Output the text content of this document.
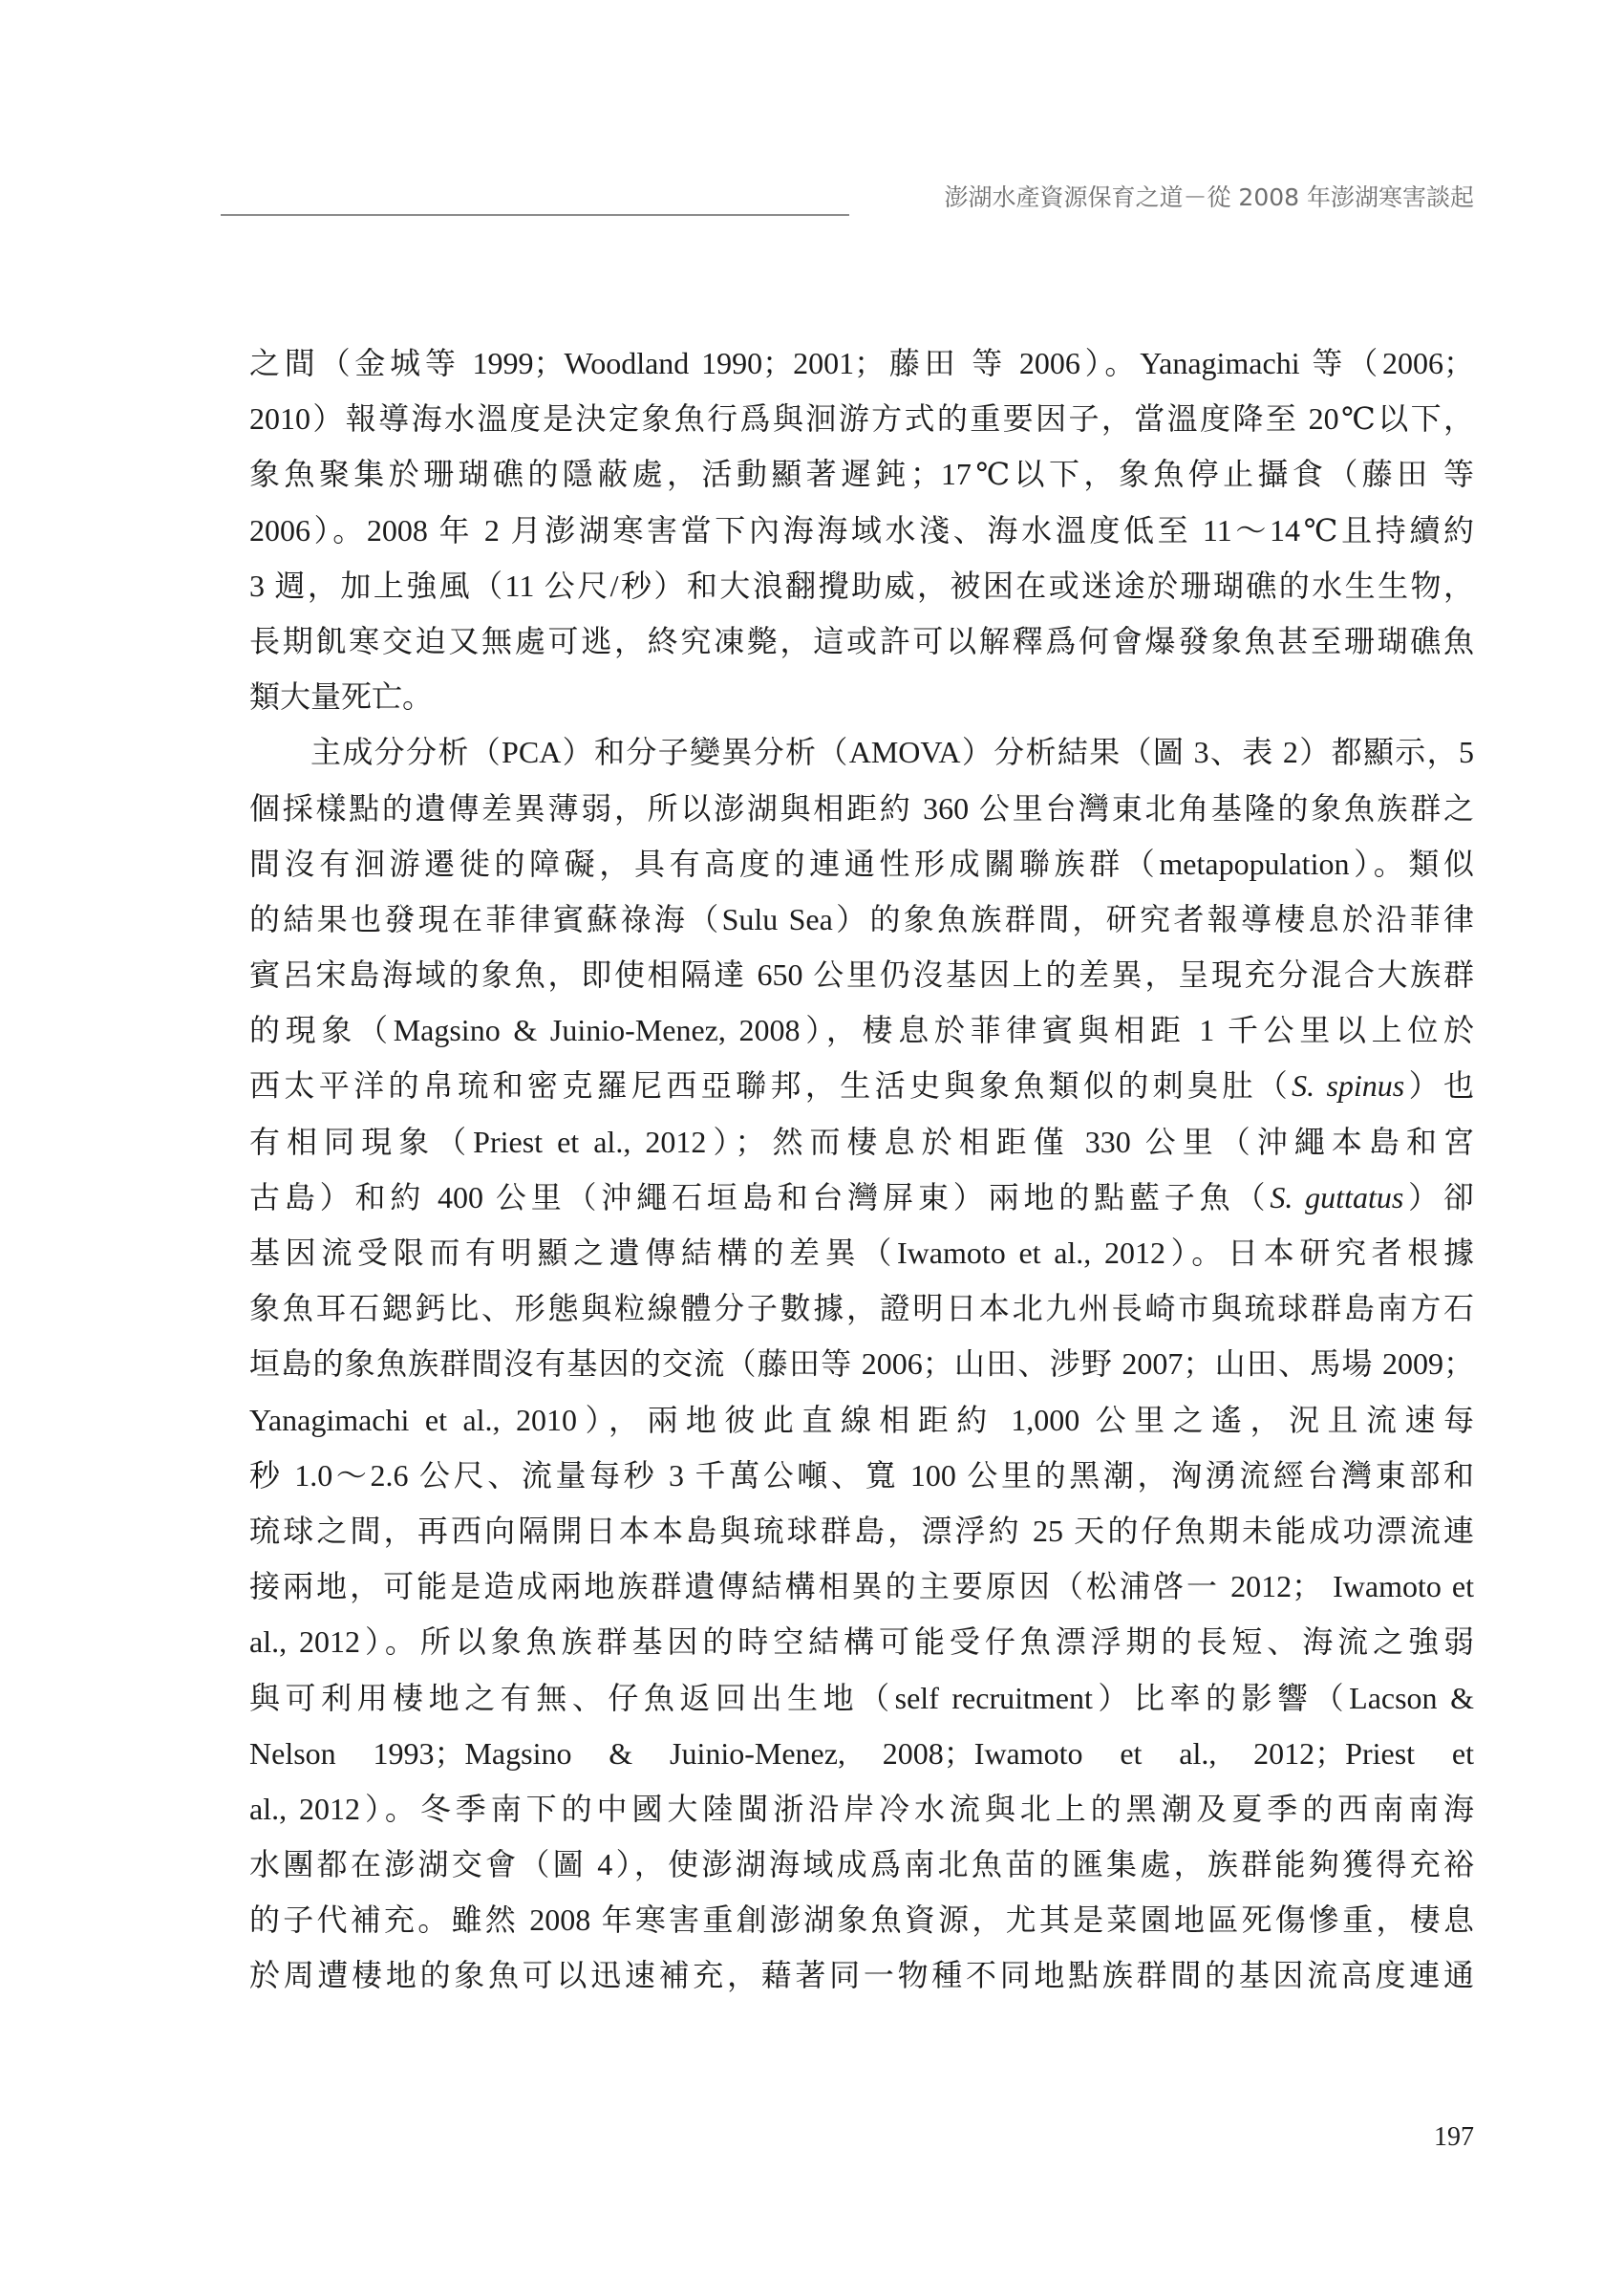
澎湖水產資源保育之道－從 2008 年澎湖寒害談起
之間（金城等 1999；Woodland 1990；2001；藤田 等 2006）。Yanagimachi 等（2006；
2010）報導海水溫度是決定象魚行爲與洄游方式的重要因子，當溫度降至 20℃以下，
象魚聚集於珊瑚礁的隱蔽處，活動顯著遲鈍；17℃以下，象魚停止攝食（藤田 等
2006）。2008 年 2 月澎湖寒害當下內海海域水淺、海水溫度低至 11～14℃且持續約
3 週，加上強風（11 公尺/秒）和大浪翻攪助威，被困在或迷途於珊瑚礁的水生生物，
長期飢寒交迫又無處可逃，終究凍斃，這或許可以解釋爲何會爆發象魚甚至珊瑚礁魚
類大量死亡。
主成分分析（PCA）和分子變異分析（AMOVA）分析結果（圖 3、表 2）都顯示，5
個採樣點的遺傳差異薄弱，所以澎湖與相距約 360 公里台灣東北角基隆的象魚族群之
間沒有洄游遷徙的障礙，具有高度的連通性形成關聯族群（metapopulation）。類似
的結果也發現在菲律賓蘇祿海（Sulu Sea）的象魚族群間，研究者報導棲息於沿菲律
賓呂宋島海域的象魚，即使相隔達 650 公里仍沒基因上的差異，呈現充分混合大族群
的現象（Magsino & Juinio-Menez, 2008），棲息於菲律賓與相距 1 千公里以上位於
西太平洋的帛琉和密克羅尼西亞聯邦，生活史與象魚類似的刺臭肚（S. spinus）也
有相同現象（Priest et al., 2012）；然而棲息於相距僅 330 公里（沖繩本島和宮
古島）和約 400 公里（沖繩石垣島和台灣屏東）兩地的點藍子魚（S. guttatus）卻
基因流受限而有明顯之遺傳結構的差異（Iwamoto et al., 2012）。日本研究者根據
象魚耳石鍶鈣比、形態與粒線體分子數據，證明日本北九州長崎市與琉球群島南方石
垣島的象魚族群間沒有基因的交流（藤田等 2006；山田、涉野 2007；山田、馬場 2009；
Yanagimachi et al., 2010），兩地彼此直線相距約 1,000 公里之遙，況且流速每
秒 1.0～2.6 公尺、流量每秒 3 千萬公噸、寬 100 公里的黑潮，洶湧流經台灣東部和
琉球之間，再西向隔開日本本島與琉球群島，漂浮約 25 天的仔魚期未能成功漂流連
接兩地，可能是造成兩地族群遺傳結構相異的主要原因（松浦啓一 2012； Iwamoto et
al., 2012）。所以象魚族群基因的時空結構可能受仔魚漂浮期的長短、海流之強弱
與可利用棲地之有無、仔魚返回出生地（self recruitment）比率的影響（Lacson &
Nelson 1993；Magsino & Juinio-Menez, 2008；Iwamoto et al., 2012；Priest et
al., 2012）。冬季南下的中國大陸閩浙沿岸冷水流與北上的黑潮及夏季的西南南海
水團都在澎湖交會（圖 4），使澎湖海域成爲南北魚苗的匯集處，族群能夠獲得充裕
的子代補充。雖然 2008 年寒害重創澎湖象魚資源，尤其是菜園地區死傷慘重，棲息
於周遭棲地的象魚可以迅速補充，藉著同一物種不同地點族群間的基因流高度連通
197
